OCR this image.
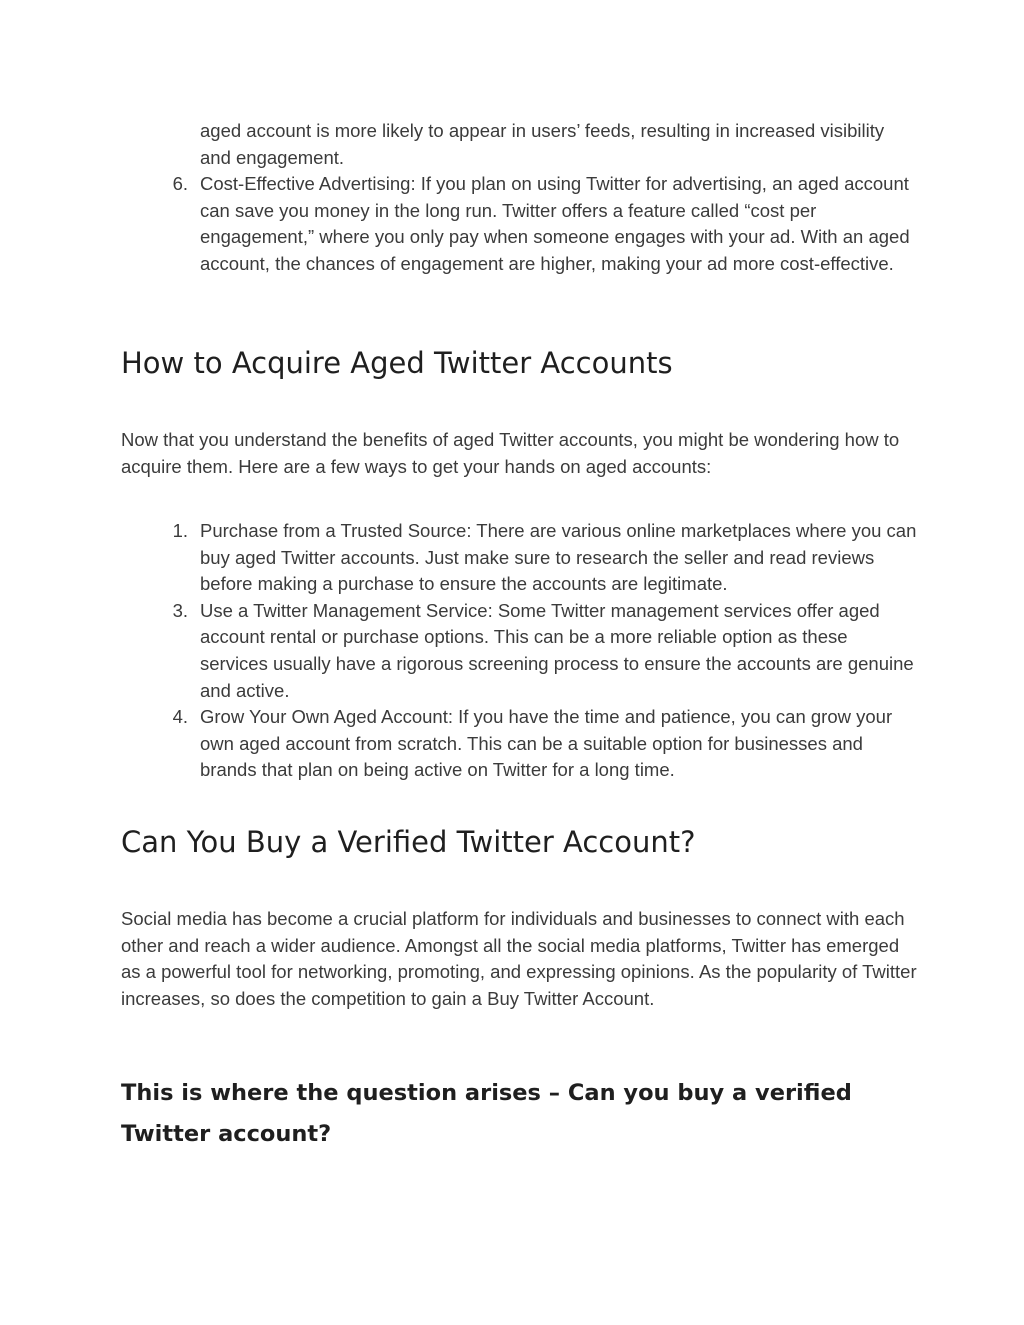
aged account is more likely to appear in users’ feeds, resulting in increased visibility and engagement.
6. Cost-Effective Advertising: If you plan on using Twitter for advertising, an aged account can save you money in the long run. Twitter offers a feature called “cost per engagement,” where you only pay when someone engages with your ad. With an aged account, the chances of engagement are higher, making your ad more cost-effective.
How to Acquire Aged Twitter Accounts

Now that you understand the benefits of aged Twitter accounts, you might be wondering how to acquire them. Here are a few ways to get your hands on aged accounts:

1. Purchase from a Trusted Source: There are various online marketplaces where you can buy aged Twitter accounts. Just make sure to research the seller and read reviews before making a purchase to ensure the accounts are legitimate.
3. Use a Twitter Management Service: Some Twitter management services offer aged account rental or purchase options. This can be a more reliable option as these services usually have a rigorous screening process to ensure the accounts are genuine and active.
4. Grow Your Own Aged Account: If you have the time and patience, you can grow your own aged account from scratch. This can be a suitable option for businesses and brands that plan on being active on Twitter for a long time.
Can You Buy a Verified Twitter Account?

Social media has become a crucial platform for individuals and businesses to connect with each other and reach a wider audience. Amongst all the social media platforms, Twitter has emerged as a powerful tool for networking, promoting, and expressing opinions. As the popularity of Twitter increases, so does the competition to gain a Buy Twitter Account.

This is where the question arises – Can you buy a verified Twitter account?
